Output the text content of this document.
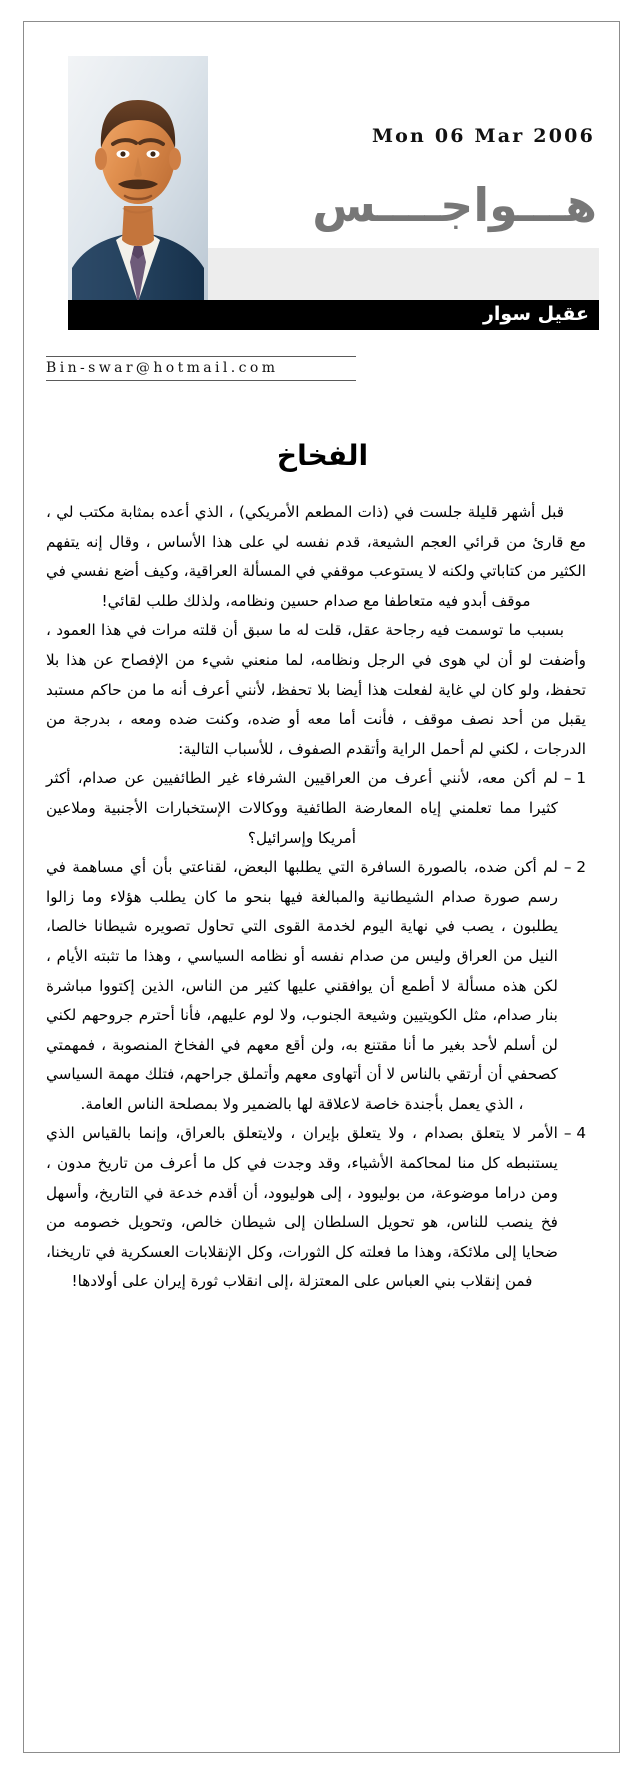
Mon 06 Mar 2006
هـــواجــــس
عقيل سوار
Bin-swar@hotmail.com
الفخاخ

قبل أشهر قليلة جلست في (ذات المطعم الأمريكي) ، الذي أعده بمثابة مكتب لي ، مع قارئ من قرائي العجم الشيعة، قدم نفسه لي على هذا الأساس ، وقال إنه يتفهم الكثير من كتاباتي ولكنه لا يستوعب موقفي في المسألة العراقية، وكيف أضع نفسي في موقف أبدو فيه متعاطفا مع صدام حسين ونظامه، ولذلك طلب لقائي!

بسبب ما توسمت فيه رجاحة عقل، قلت له ما سبق أن قلته مرات في هذا العمود ، وأضفت لو أن لي هوى في الرجل ونظامه، لما منعني شيء من الإفصاح عن هذا بلا تحفظ، ولو كان لي غاية لفعلت هذا أيضا بلا تحفظ، لأنني أعرف أنه ما من حاكم مستبد يقبل من أحد نصف موقف ، فأنت أما معه أو ضده، وكنت ضده ومعه ، بدرجة من الدرجات ، لكني لم أحمل الراية وأتقدم الصفوف ، للأسباب التالية:

1 –
لم أكن معه، لأنني أعرف من العراقيين الشرفاء غير الطائفيين عن صدام، أكثر كثيرا مما تعلمني إياه المعارضة الطائفية ووكالات الإستخبارات الأجنبية وملاعين أمريكا وإسرائيل؟
2 –
لم أكن ضده، بالصورة السافرة التي يطلبها البعض، لقناعتي بأن أي مساهمة في رسم صورة صدام الشيطانية والمبالغة فيها بنحو ما كان يطلب هؤلاء وما زالوا يطلبون ، يصب في نهاية اليوم لخدمة القوى التي تحاول تصويره شيطانا خالصا، النيل من العراق وليس من صدام نفسه أو نظامه السياسي ، وهذا ما تثبته الأيام ، لكن هذه مسألة لا أطمع أن يوافقني عليها كثير من الناس، الذين إكتووا مباشرة بنار صدام، مثل الكويتيين وشيعة الجنوب، ولا لوم عليهم، فأنا أحترم جروحهم لكني لن أسلم لأحد بغير ما أنا مقتنع به، ولن أقع معهم في الفخاخ المنصوبة ، فمهمتي كصحفي أن أرتقي بالناس لا أن أتهاوى معهم وأتملق جراحهم، فتلك مهمة السياسي ، الذي يعمل بأجندة خاصة لاعلاقة لها بالضمير ولا بمصلحة الناس العامة.
4 –
الأمر لا يتعلق بصدام ، ولا يتعلق بإيران ، ولايتعلق بالعراق، وإنما بالقياس الذي يستنبطه كل منا لمحاكمة الأشياء، وقد وجدت في كل ما أعرف من تاريخ مدون ، ومن دراما موضوعة، من بوليوود ، إلى هوليوود، أن أقدم خدعة في التاريخ، وأسهل فخ ينصب للناس، هو تحويل السلطان إلى شيطان خالص، وتحويل خصومه من ضحايا إلى ملائكة، وهذا ما فعلته كل الثورات، وكل الإنقلابات العسكرية في تاريخنا، فمن إنقلاب بني العباس على المعتزلة ،إلى انقلاب ثورة إيران على أولادها!
